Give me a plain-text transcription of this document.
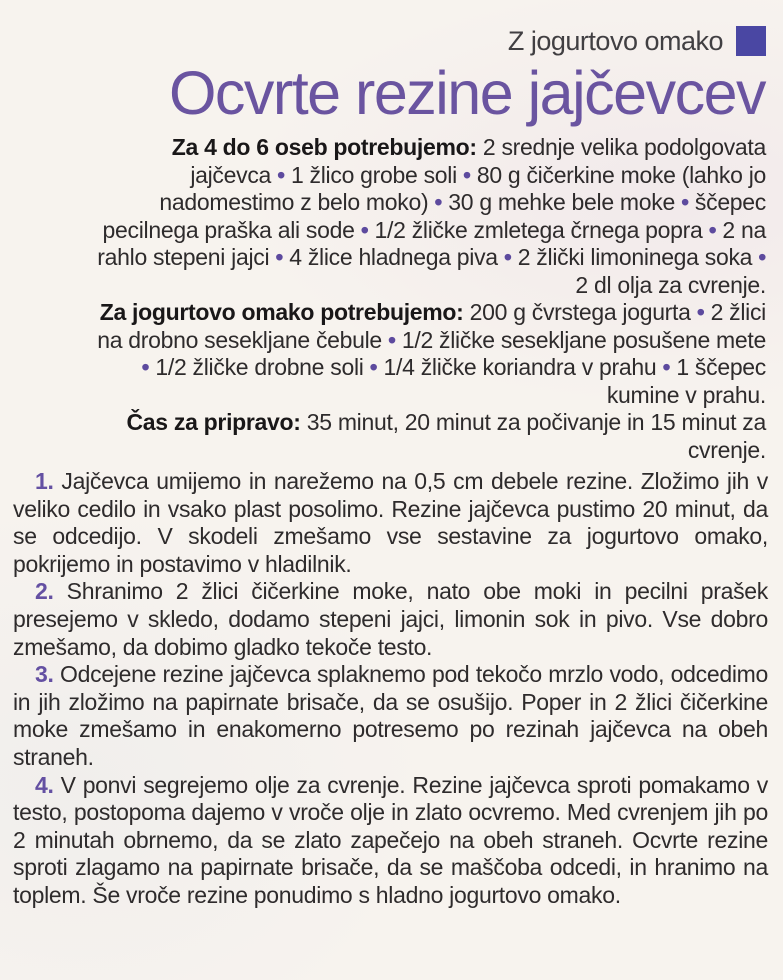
Z jogurtovo omako
Ocvrte rezine jajčevcev

Za 4 do 6 oseb potrebujemo: 2 srednje velika podolgovata jajčevca • 1 žlico grobe soli • 80 g čičerkine moke (lahko jo nadomestimo z belo moko) • 30 g mehke bele moke • ščepec pecilnega praška ali sode • 1/2 žličke zmletega črnega popra • 2 na rahlo stepeni jajci • 4 žlice hladnega piva • 2 žlički limoninega soka • 2 dl olja za cvrenje.

Za jogurtovo omako potrebujemo: 200 g čvrstega jogurta • 2 žlici na drobno sesekljane čebule • 1/2 žličke sesekljane posušene mete • 1/2 žličke drobne soli • 1/4 žličke koriandra v prahu • 1 ščepec kumine v prahu.

Čas za pripravo: 35 minut, 20 minut za počivanje in 15 minut za cvrenje.

1. Jajčevca umijemo in narežemo na 0,5 cm debele rezine. Zložimo jih v veliko cedilo in vsako plast posolimo. Rezine jajčevca pustimo 20 minut, da se odcedijo. V skodeli zmešamo vse sestavine za jogurtovo omako, pokrijemo in postavimo v hladilnik.

2. Shranimo 2 žlici čičerkine moke, nato obe moki in pecilni prašek presejemo v skledo, dodamo stepeni jajci, limonin sok in pivo. Vse dobro zmešamo, da dobimo gladko tekoče testo.

3. Odcejene rezine jajčevca splaknemo pod tekočo mrzlo vodo, odcedimo in jih zložimo na papirnate brisače, da se osušijo. Poper in 2 žlici čičerkine moke zmešamo in enakomerno potresemo po rezinah jajčevca na obeh straneh.

4. V ponvi segrejemo olje za cvrenje. Rezine jajčevca sproti pomakamo v testo, postopoma dajemo v vroče olje in zlato ocvremo. Med cvrenjem jih po 2 minutah obrnemo, da se zlato zapečejo na obeh straneh. Ocvrte rezine sproti zlagamo na papirnate brisače, da se maščoba odcedi, in hranimo na toplem. Še vroče rezine ponudimo s hladno jogurtovo omako.
